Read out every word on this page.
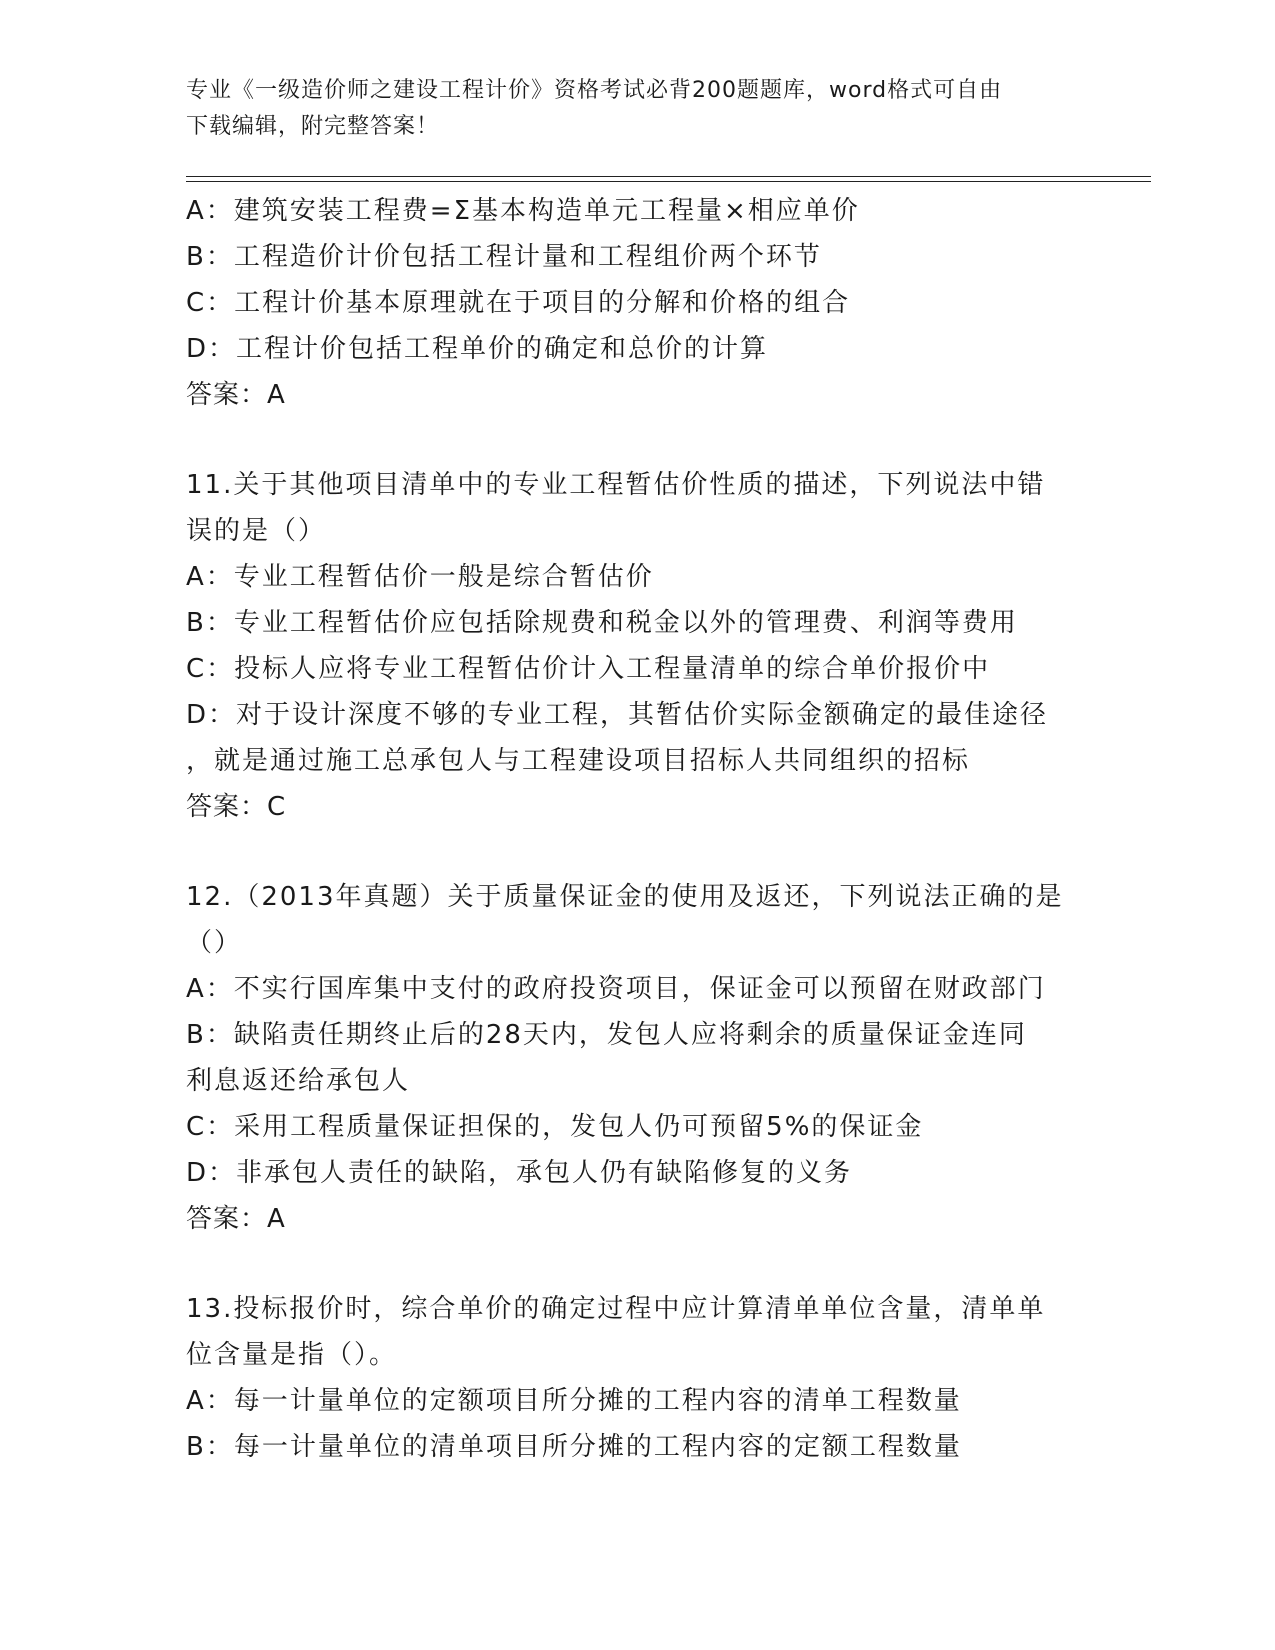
专业《一级造价师之建设工程计价》资格考试必背200题题库，word格式可自由
下载编辑，附完整答案！
A：建筑安装工程费=Σ基本构造单元工程量×相应单价
B：工程造价计价包括工程计量和工程组价两个环节
C：工程计价基本原理就在于项目的分解和价格的组合
D：工程计价包括工程单价的确定和总价的计算
答案：A
11.关于其他项目清单中的专业工程暂估价性质的描述，下列说法中错
误的是（）
A：专业工程暂估价一般是综合暂估价
B：专业工程暂估价应包括除规费和税金以外的管理费、利润等费用
C：投标人应将专业工程暂估价计入工程量清单的综合单价报价中
D：对于设计深度不够的专业工程，其暂估价实际金额确定的最佳途径
，就是通过施工总承包人与工程建设项目招标人共同组织的招标
答案：C
12.（2013年真题）关于质量保证金的使用及返还，下列说法正确的是
（）
A：不实行国库集中支付的政府投资项目，保证金可以预留在财政部门
B：缺陷责任期终止后的28天内，发包人应将剩余的质量保证金连同
利息返还给承包人
C：采用工程质量保证担保的，发包人仍可预留5%的保证金
D：非承包人责任的缺陷，承包人仍有缺陷修复的义务
答案：A
13.投标报价时，综合单价的确定过程中应计算清单单位含量，清单单
位含量是指（）。
A：每一计量单位的定额项目所分摊的工程内容的清单工程数量
B：每一计量单位的清单项目所分摊的工程内容的定额工程数量
